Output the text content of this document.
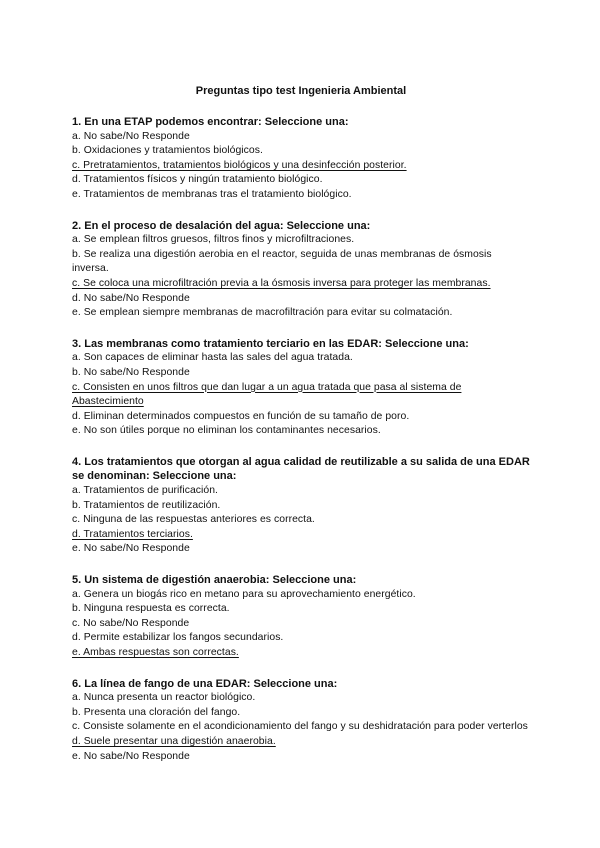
Preguntas tipo test Ingenieria Ambiental

1. En una ETAP podemos encontrar: Seleccione una:

a. No sabe/No Responde

b. Oxidaciones y tratamientos biológicos.

c. Pretratamientos, tratamientos biológicos y una desinfección posterior.

d. Tratamientos físicos y ningún tratamiento biológico.

e. Tratamientos de membranas tras el tratamiento biológico.

2. En el proceso de desalación del agua: Seleccione una:

a. Se emplean filtros gruesos, filtros finos y microfiltraciones.

b. Se realiza una digestión aerobia en el reactor, seguida de unas membranas de ósmosis inversa.

c. Se coloca una microfiltración previa a la ósmosis inversa para proteger las membranas.

d. No sabe/No Responde

e. Se emplean siempre membranas de macrofiltración para evitar su colmatación.

3. Las membranas como tratamiento terciario en las EDAR: Seleccione una:

a. Son capaces de eliminar hasta las sales del agua tratada.

b. No sabe/No Responde

c. Consisten en unos filtros que dan lugar a un agua tratada que pasa al sistema de Abastecimiento

d. Eliminan determinados compuestos en función de su tamaño de poro.

e. No son útiles porque no eliminan los contaminantes necesarios.

4. Los tratamientos que otorgan al agua calidad de reutilizable a su salida de una EDAR se denominan: Seleccione una:

a. Tratamientos de purificación.

b. Tratamientos de reutilización.

c. Ninguna de las respuestas anteriores es correcta.

d. Tratamientos terciarios.

e. No sabe/No Responde

5. Un sistema de digestión anaerobia: Seleccione una:

a. Genera un biogás rico en metano para su aprovechamiento energético.

b. Ninguna respuesta es correcta.

c. No sabe/No Responde

d. Permite estabilizar los fangos secundarios.

e. Ambas respuestas son correctas.

6. La línea de fango de una EDAR: Seleccione una:

a. Nunca presenta un reactor biológico.

b. Presenta una cloración del fango.

c. Consiste solamente en el acondicionamiento del fango y su deshidratación para poder verterlos

d. Suele presentar una digestión anaerobia.

e. No sabe/No Responde
